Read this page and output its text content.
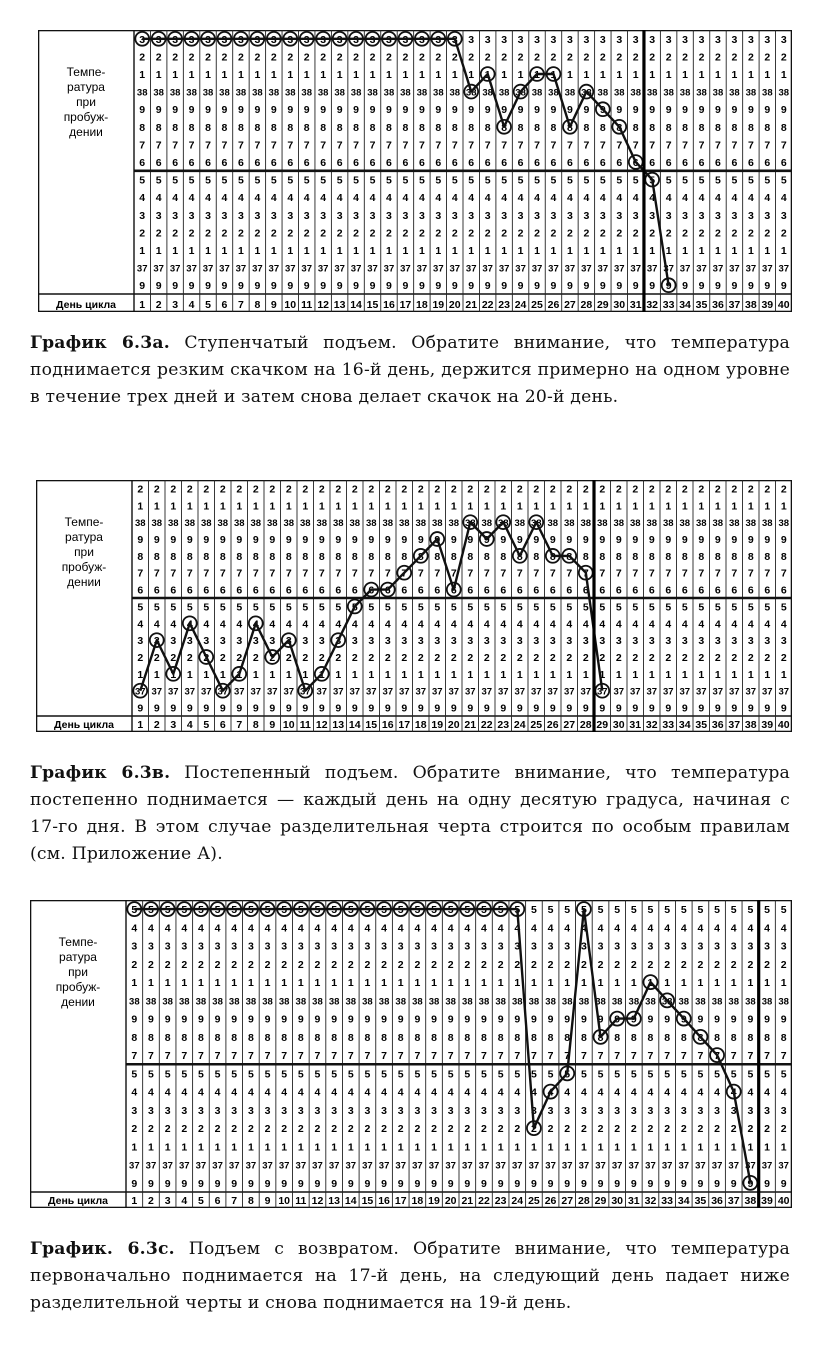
Темпе-
ратура
при
пробуж-
дении
День цикла
3
2
1
38
9
8
7
6
5
4
3
2
1
37
9
1
3
2
1
38
9
8
7
6
5
4
3
2
1
37
9
2
3
2
1
38
9
8
7
6
5
4
3
2
1
37
9
3
3
2
1
38
9
8
7
6
5
4
3
2
1
37
9
4
3
2
1
38
9
8
7
6
5
4
3
2
1
37
9
5
3
2
1
38
9
8
7
6
5
4
3
2
1
37
9
6
3
2
1
38
9
8
7
6
5
4
3
2
1
37
9
7
3
2
1
38
9
8
7
6
5
4
3
2
1
37
9
8
3
2
1
38
9
8
7
6
5
4
3
2
1
37
9
9
3
2
1
38
9
8
7
6
5
4
3
2
1
37
9
10
3
2
1
38
9
8
7
6
5
4
3
2
1
37
9
11
3
2
1
38
9
8
7
6
5
4
3
2
1
37
9
12
3
2
1
38
9
8
7
6
5
4
3
2
1
37
9
13
3
2
1
38
9
8
7
6
5
4
3
2
1
37
9
14
3
2
1
38
9
8
7
6
5
4
3
2
1
37
9
15
3
2
1
38
9
8
7
6
5
4
3
2
1
37
9
16
3
2
1
38
9
8
7
6
5
4
3
2
1
37
9
17
3
2
1
38
9
8
7
6
5
4
3
2
1
37
9
18
3
2
1
38
9
8
7
6
5
4
3
2
1
37
9
19
3
2
1
38
9
8
7
6
5
4
3
2
1
37
9
20
3
2
1
38
9
8
7
6
5
4
3
2
1
37
9
21
3
2
1
38
9
8
7
6
5
4
3
2
1
37
9
22
3
2
1
38
9
8
7
6
5
4
3
2
1
37
9
23
3
2
1
38
9
8
7
6
5
4
3
2
1
37
9
24
3
2
1
38
9
8
7
6
5
4
3
2
1
37
9
25
3
2
1
38
9
8
7
6
5
4
3
2
1
37
9
26
3
2
1
38
9
8
7
6
5
4
3
2
1
37
9
27
3
2
1
38
9
8
7
6
5
4
3
2
1
37
9
28
3
2
1
38
9
8
7
6
5
4
3
2
1
37
9
29
3
2
1
38
9
8
7
6
5
4
3
2
1
37
9
30
3
2
1
38
9
8
7
6
5
4
3
2
1
37
9
31
3
2
1
38
9
8
7
6
5
4
3
2
1
37
9
32
3
2
1
38
9
8
7
6
5
4
3
2
1
37
9
33
3
2
1
38
9
8
7
6
5
4
3
2
1
37
9
34
3
2
1
38
9
8
7
6
5
4
3
2
1
37
9
35
3
2
1
38
9
8
7
6
5
4
3
2
1
37
9
36
3
2
1
38
9
8
7
6
5
4
3
2
1
37
9
37
3
2
1
38
9
8
7
6
5
4
3
2
1
37
9
38
3
2
1
38
9
8
7
6
5
4
3
2
1
37
9
39
3
2
1
38
9
8
7
6
5
4
3
2
1
37
9
40
График 6.3а. Ступенчатый подъем. Обратите внимание, что температура поднимается резким скачком на 16-й день, держится примерно на одном уровне в течение трех дней и затем снова делает скачок на 20-й день.
Темпе-
ратура
при
пробуж-
дении
День цикла
2
1
38
9
8
7
6
5
4
3
2
1
37
9
1
2
1
38
9
8
7
6
5
4
3
2
1
37
9
2
2
1
38
9
8
7
6
5
4
3
2
1
37
9
3
2
1
38
9
8
7
6
5
4
3
2
1
37
9
4
2
1
38
9
8
7
6
5
4
3
2
1
37
9
5
2
1
38
9
8
7
6
5
4
3
2
1
37
9
6
2
1
38
9
8
7
6
5
4
3
2
1
37
9
7
2
1
38
9
8
7
6
5
4
3
2
1
37
9
8
2
1
38
9
8
7
6
5
4
3
2
1
37
9
9
2
1
38
9
8
7
6
5
4
3
2
1
37
9
10
2
1
38
9
8
7
6
5
4
3
2
1
37
9
11
2
1
38
9
8
7
6
5
4
3
2
1
37
9
12
2
1
38
9
8
7
6
5
4
3
2
1
37
9
13
2
1
38
9
8
7
6
5
4
3
2
1
37
9
14
2
1
38
9
8
7
6
5
4
3
2
1
37
9
15
2
1
38
9
8
7
6
5
4
3
2
1
37
9
16
2
1
38
9
8
7
6
5
4
3
2
1
37
9
17
2
1
38
9
8
7
6
5
4
3
2
1
37
9
18
2
1
38
9
8
7
6
5
4
3
2
1
37
9
19
2
1
38
9
8
7
6
5
4
3
2
1
37
9
20
2
1
38
9
8
7
6
5
4
3
2
1
37
9
21
2
1
38
9
8
7
6
5
4
3
2
1
37
9
22
2
1
38
9
8
7
6
5
4
3
2
1
37
9
23
2
1
38
9
8
7
6
5
4
3
2
1
37
9
24
2
1
38
9
8
7
6
5
4
3
2
1
37
9
25
2
1
38
9
8
7
6
5
4
3
2
1
37
9
26
2
1
38
9
8
7
6
5
4
3
2
1
37
9
27
2
1
38
9
8
7
6
5
4
3
2
1
37
9
28
2
1
38
9
8
7
6
5
4
3
2
1
37
9
29
2
1
38
9
8
7
6
5
4
3
2
1
37
9
30
2
1
38
9
8
7
6
5
4
3
2
1
37
9
31
2
1
38
9
8
7
6
5
4
3
2
1
37
9
32
2
1
38
9
8
7
6
5
4
3
2
1
37
9
33
2
1
38
9
8
7
6
5
4
3
2
1
37
9
34
2
1
38
9
8
7
6
5
4
3
2
1
37
9
35
2
1
38
9
8
7
6
5
4
3
2
1
37
9
36
2
1
38
9
8
7
6
5
4
3
2
1
37
9
37
2
1
38
9
8
7
6
5
4
3
2
1
37
9
38
2
1
38
9
8
7
6
5
4
3
2
1
37
9
39
2
1
38
9
8
7
6
5
4
3
2
1
37
9
40
График 6.3в. Постепенный подъем. Обратите внимание, что температура постепенно поднимается — каждый день на одну десятую градуса, начиная с 17-го дня. В этом случае разделительная черта строится по особым правилам (см. Приложение А).
Темпе-
ратура
при
пробуж-
дении
День цикла
5
4
3
2
1
38
9
8
7
5
4
3
2
1
37
9
1
5
4
3
2
1
38
9
8
7
5
4
3
2
1
37
9
2
5
4
3
2
1
38
9
8
7
5
4
3
2
1
37
9
3
5
4
3
2
1
38
9
8
7
5
4
3
2
1
37
9
4
5
4
3
2
1
38
9
8
7
5
4
3
2
1
37
9
5
5
4
3
2
1
38
9
8
7
5
4
3
2
1
37
9
6
5
4
3
2
1
38
9
8
7
5
4
3
2
1
37
9
7
5
4
3
2
1
38
9
8
7
5
4
3
2
1
37
9
8
5
4
3
2
1
38
9
8
7
5
4
3
2
1
37
9
9
5
4
3
2
1
38
9
8
7
5
4
3
2
1
37
9
10
5
4
3
2
1
38
9
8
7
5
4
3
2
1
37
9
11
5
4
3
2
1
38
9
8
7
5
4
3
2
1
37
9
12
5
4
3
2
1
38
9
8
7
5
4
3
2
1
37
9
13
5
4
3
2
1
38
9
8
7
5
4
3
2
1
37
9
14
5
4
3
2
1
38
9
8
7
5
4
3
2
1
37
9
15
5
4
3
2
1
38
9
8
7
5
4
3
2
1
37
9
16
5
4
3
2
1
38
9
8
7
5
4
3
2
1
37
9
17
5
4
3
2
1
38
9
8
7
5
4
3
2
1
37
9
18
5
4
3
2
1
38
9
8
7
5
4
3
2
1
37
9
19
5
4
3
2
1
38
9
8
7
5
4
3
2
1
37
9
20
5
4
3
2
1
38
9
8
7
5
4
3
2
1
37
9
21
5
4
3
2
1
38
9
8
7
5
4
3
2
1
37
9
22
5
4
3
2
1
38
9
8
7
5
4
3
2
1
37
9
23
5
4
3
2
1
38
9
8
7
5
4
3
2
1
37
9
24
5
4
3
2
1
38
9
8
7
5
4
3
2
1
37
9
25
5
4
3
2
1
38
9
8
7
5
4
3
2
1
37
9
26
5
4
3
2
1
38
9
8
7
5
4
3
2
1
37
9
27
5
4
3
2
1
38
9
8
7
5
4
3
2
1
37
9
28
5
4
3
2
1
38
9
8
7
5
4
3
2
1
37
9
29
5
4
3
2
1
38
9
8
7
5
4
3
2
1
37
9
30
5
4
3
2
1
38
9
8
7
5
4
3
2
1
37
9
31
5
4
3
2
1
38
9
8
7
5
4
3
2
1
37
9
32
5
4
3
2
1
38
9
8
7
5
4
3
2
1
37
9
33
5
4
3
2
1
38
9
8
7
5
4
3
2
1
37
9
34
5
4
3
2
1
38
9
8
7
5
4
3
2
1
37
9
35
5
4
3
2
1
38
9
8
7
5
4
3
2
1
37
9
36
5
4
3
2
1
38
9
8
7
5
4
3
2
1
37
9
37
5
4
3
2
1
38
9
8
7
5
4
3
2
1
37
9
38
5
4
3
2
1
38
9
8
7
5
4
3
2
1
37
9
39
5
4
3
2
1
38
9
8
7
5
4
3
2
1
37
9
40
График. 6.3с. Подъем с возвратом. Обратите внимание, что температура первоначально поднимается на 17-й день, на следующий день падает ниже разделительной черты и снова поднимается на 19-й день.
